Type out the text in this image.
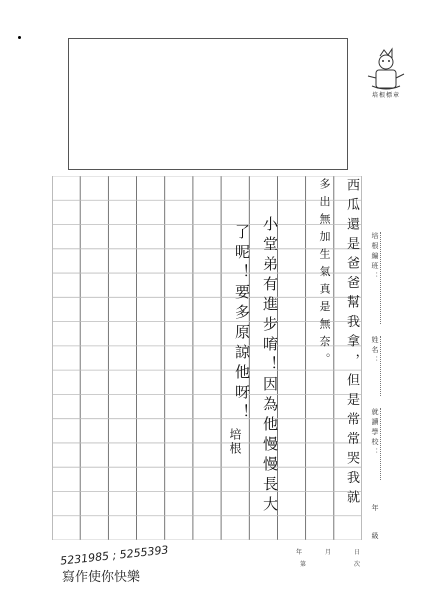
培根標章
西瓜還是爸爸幫我拿，但是常常哭我就
多出無加生氣真是無奈。
小堂弟有進步唷！因為他慢慢長大
了呢！要多原諒他呀！
培根
培根編班：
姓名：
就讀學校：
年
級
年	月	日
第	次
5231985 ; 5255393
寫作使你快樂
